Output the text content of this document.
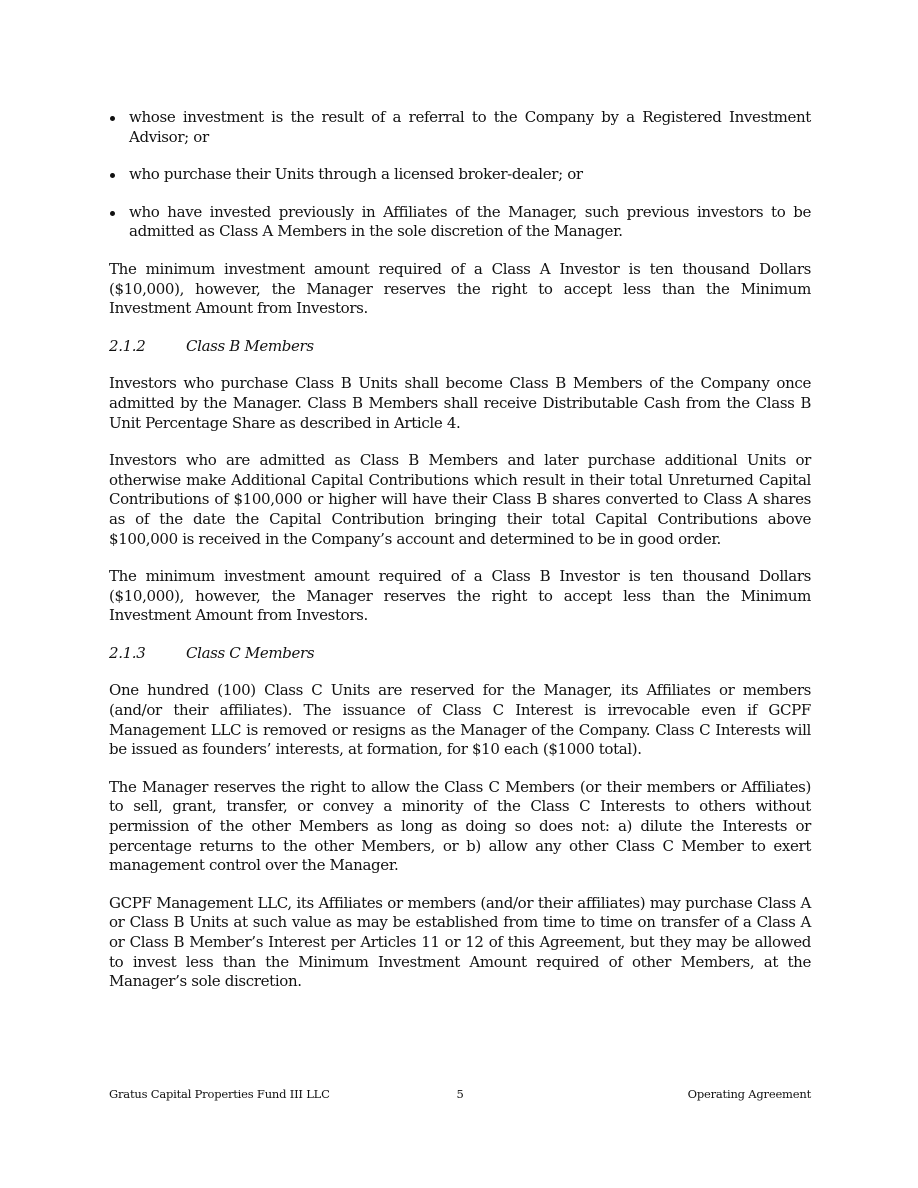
whose investment is the result of a referral to the Company by a Registered Investment Advisor; or
who purchase their Units through a licensed broker-dealer; or
who have invested previously in Affiliates of the Manager, such previous investors to be admitted as Class A Members in the sole discretion of the Manager.

The minimum investment amount required of a Class A Investor is ten thousand Dollars ($10,000), however, the Manager reserves the right to accept less than the Minimum Investment Amount from Investors.

2.1.2	Class B Members

Investors who purchase Class B Units shall become Class B Members of the Company once admitted by the Manager. Class B Members shall receive Distributable Cash from the Class B Unit Percentage Share as described in Article 4.

Investors who are admitted as Class B Members and later purchase additional Units or otherwise make Additional Capital Contributions which result in their total Unreturned Capital Contributions of $100,000 or higher will have their Class B shares converted to Class A shares as of the date the Capital Contribution bringing their total Capital Contributions above $100,000 is received in the Company’s account and determined to be in good order.

The minimum investment amount required of a Class B Investor is ten thousand Dollars ($10,000), however, the Manager reserves the right to accept less than the Minimum Investment Amount from Investors.

2.1.3	Class C Members

One hundred (100) Class C Units are reserved for the Manager, its Affiliates or members (and/or their affiliates). The issuance of Class C Interest is irrevocable even if GCPF Management LLC is removed or resigns as the Manager of the Company. Class C Interests will be issued as founders’ interests, at formation, for $10 each ($1000 total).

The Manager reserves the right to allow the Class C Members (or their members or Affiliates) to sell, grant, transfer, or convey a minority of the Class C Interests to others without permission of the other Members as long as doing so does not: a) dilute the Interests or percentage returns to the other Members, or b) allow any other Class C Member to exert management control over the Manager.

GCPF Management LLC, its Affiliates or members (and/or their affiliates) may purchase Class A or Class B Units at such value as may be established from time to time on transfer of a Class A or Class B Member’s Interest per Articles 11 or 12 of this Agreement, but they may be allowed to invest less than the Minimum Investment Amount required of other Members, at the Manager’s sole discretion.

Gratus Capital Properties Fund III LLC	5	Operating Agreement
